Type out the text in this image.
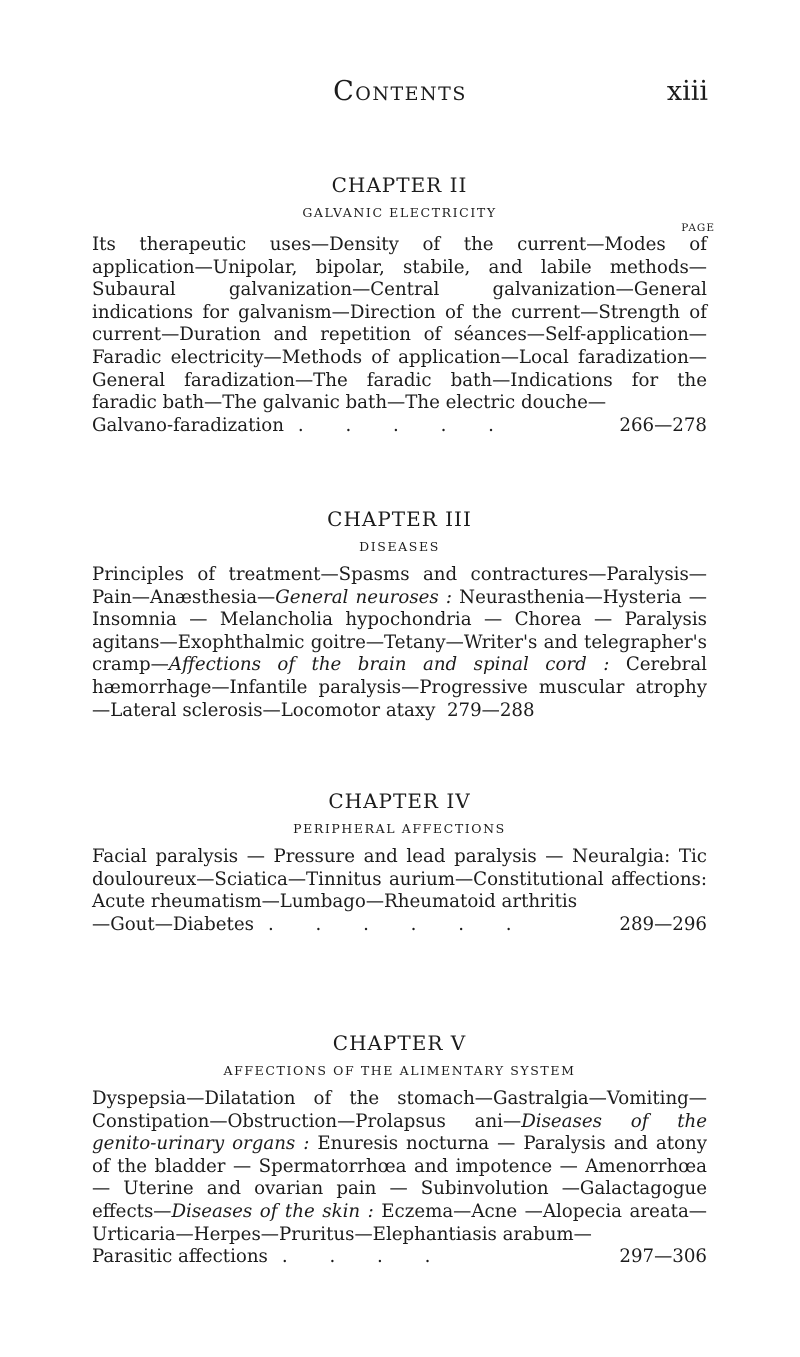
Contents	xiii
CHAPTER II
GALVANIC ELECTRICITY
PAGE

Its therapeutic uses—Density of the current—Modes of application—Unipolar, bipolar, stabile, and labile methods—Subaural galvanization—Central galvanization—General indications for galvanism—Direction of the current—Strength of current—Duration and repetition of séances—Self-application—Faradic electricity—Methods of application—Local faradization—General faradization—The faradic bath—Indications for the faradic bath—The galvanic bath—The electric douche—

Galvano-faradization . . . . .	266—278
CHAPTER III
DISEASES

Principles of treatment—Spasms and contractures—Paralysis—Pain—Anæsthesia—General neuroses : Neurasthenia—Hysteria — Insomnia — Melancholia hypochondria — Chorea — Paralysis agitans—Exophthalmic goitre—Tetany—Writer's and telegrapher's cramp—Affections of the brain and spinal cord : Cerebral hæmorrhage—Infantile paralysis—Progressive muscular atrophy—Lateral sclerosis—Locomotor ataxy 279—288

CHAPTER IV
PERIPHERAL AFFECTIONS

Facial paralysis — Pressure and lead paralysis — Neuralgia: Tic douloureux—Sciatica—Tinnitus aurium—Constitutional affections: Acute rheumatism—Lumbago—Rheumatoid arthritis

—Gout—Diabetes . . . . . .	289—296
CHAPTER V
AFFECTIONS OF THE ALIMENTARY SYSTEM

Dyspepsia—Dilatation of the stomach—Gastralgia—Vomiting—Constipation—Obstruction—Prolapsus ani—Diseases of the genito-urinary organs : Enuresis nocturna — Paralysis and atony of the bladder — Spermatorrhœa and impotence — Amenorrhœa — Uterine and ovarian pain — Subinvolution —Galactagogue effects—Diseases of the skin : Eczema—Acne —Alopecia areata—Urticaria—Herpes—Pruritus—Elephantiasis arabum—

Parasitic affections . . . .	297—306
